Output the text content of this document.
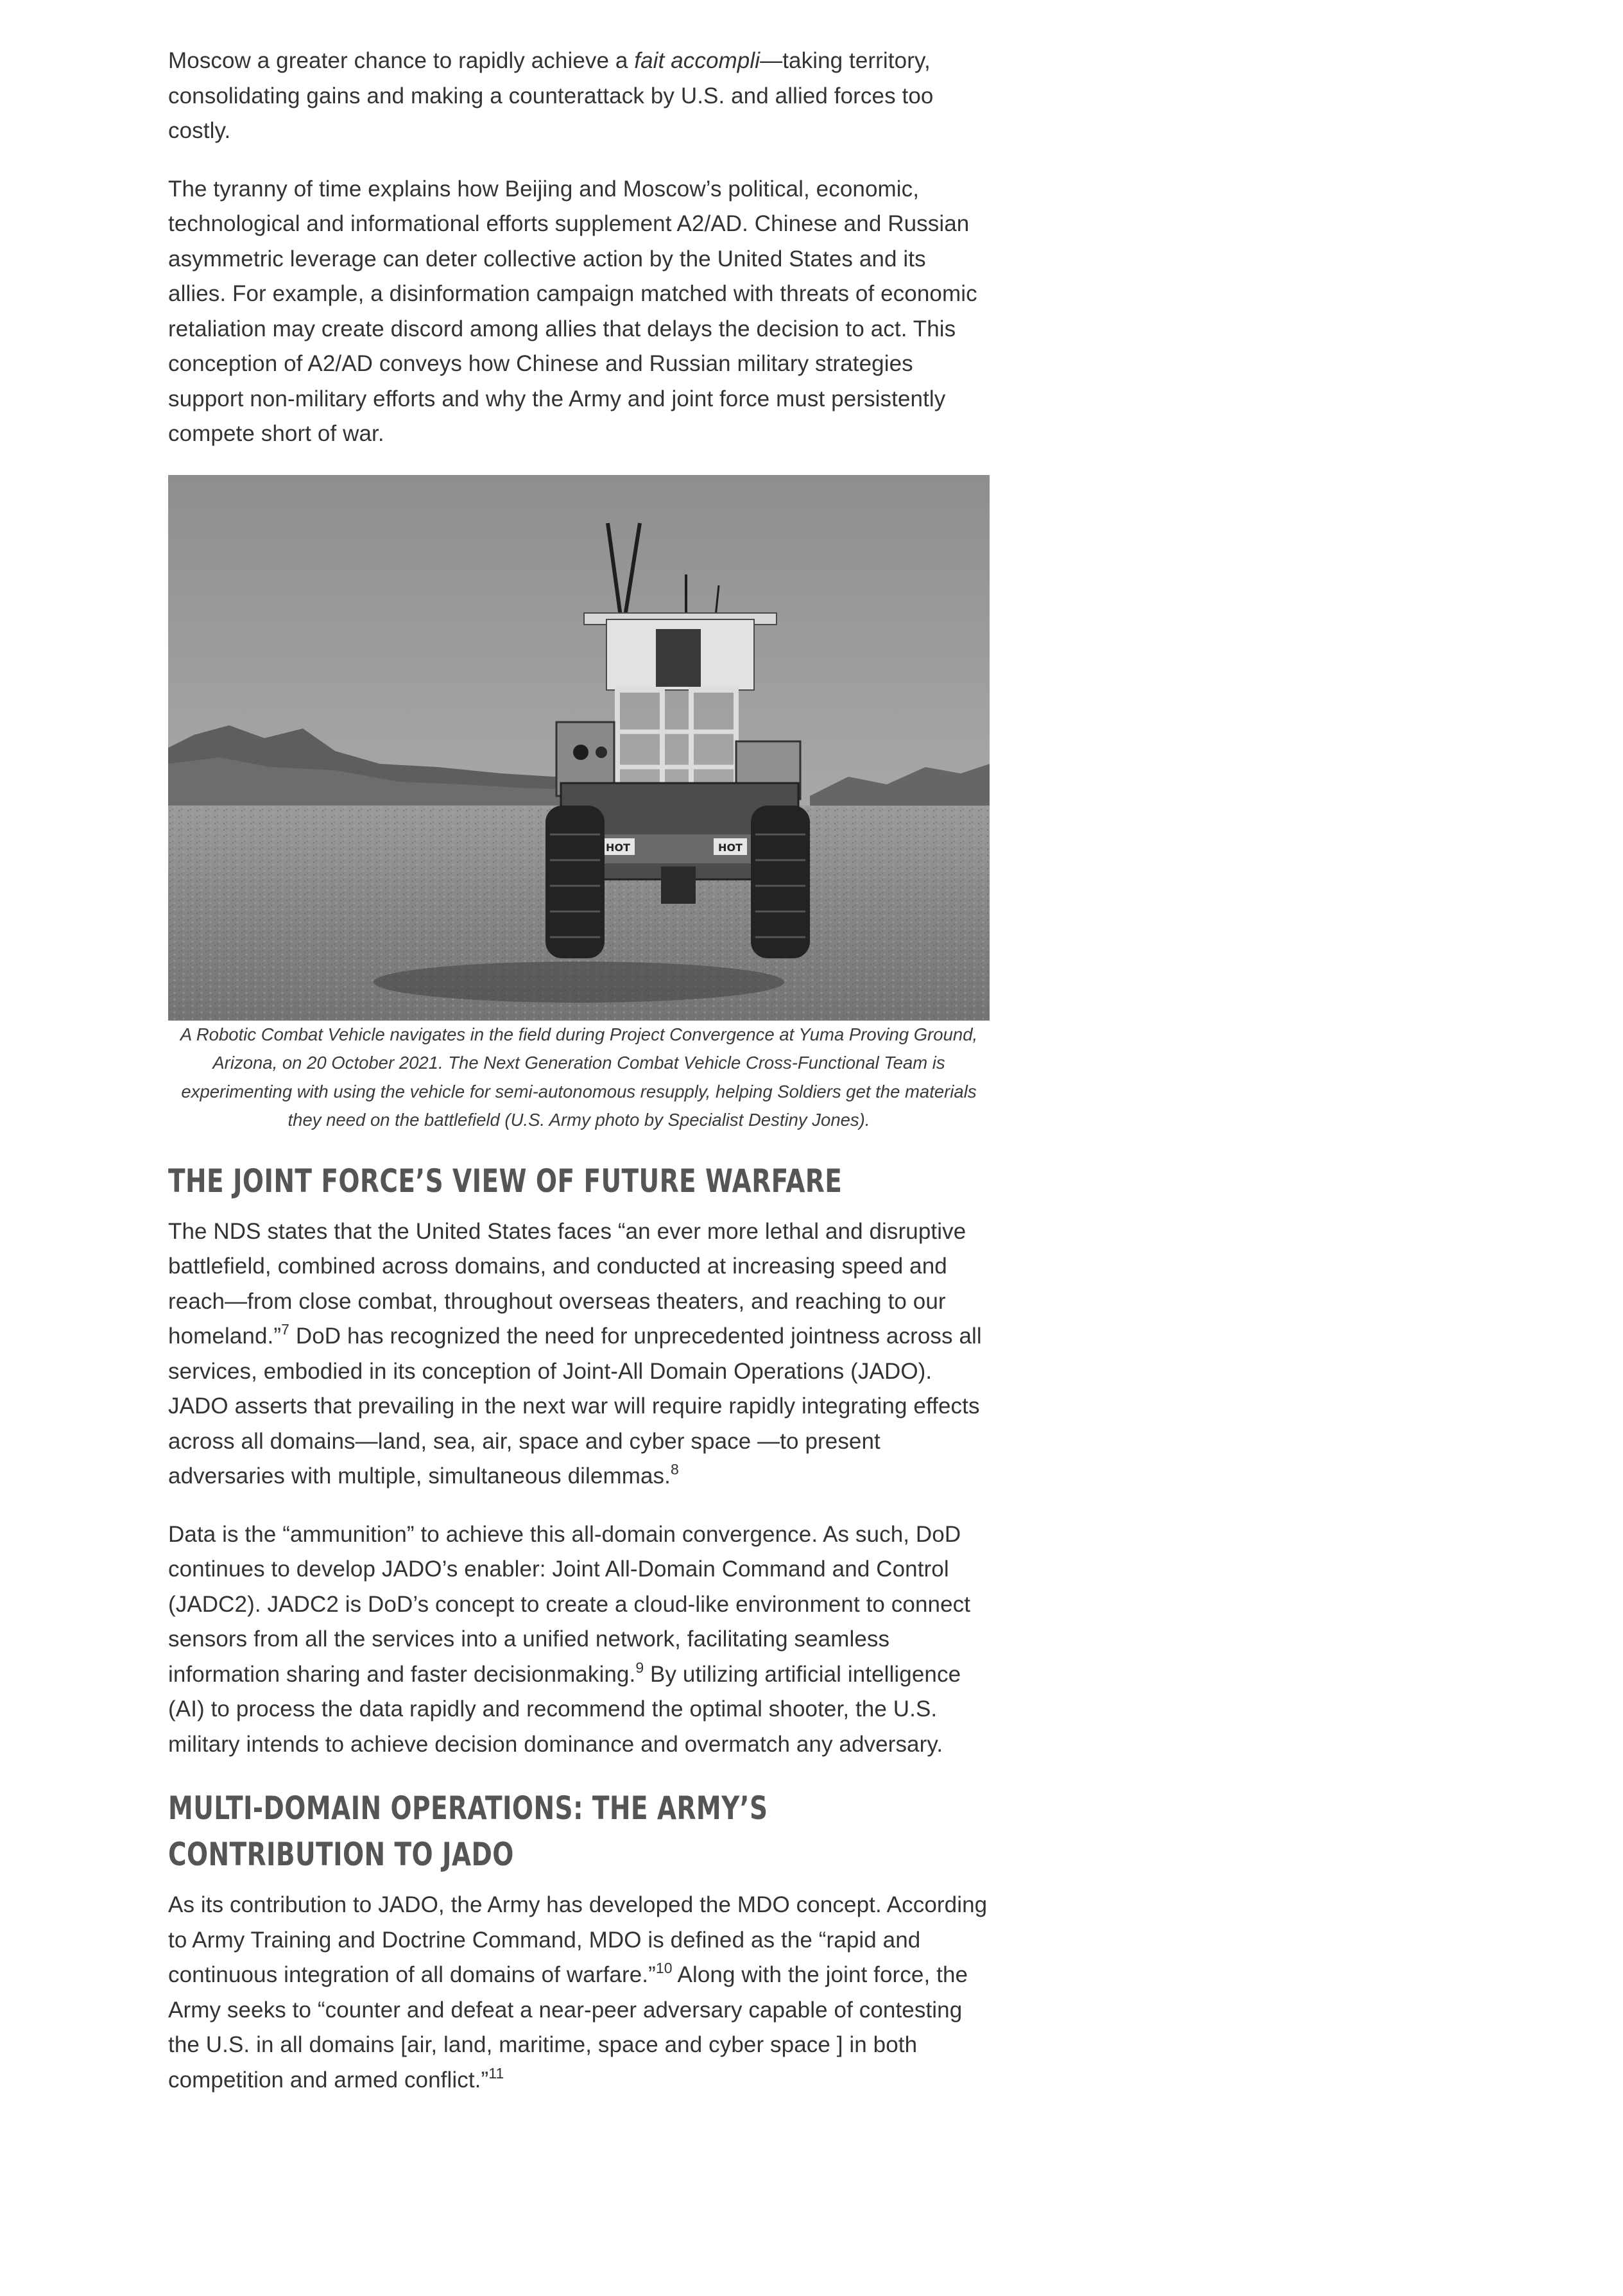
Moscow a greater chance to rapidly achieve a fait accompli—taking territory, consolidating gains and making a counterattack by U.S. and allied forces too costly.

The tyranny of time explains how Beijing and Moscow’s political, economic, technological and informational efforts supplement A2/AD. Chinese and Russian asymmetric leverage can deter collective action by the United States and its allies. For example, a disinformation campaign matched with threats of economic retaliation may create discord among allies that delays the decision to act. This conception of A2/AD conveys how Chinese and Russian military strategies support non-military efforts and why the Army and joint force must persistently compete short of war.

HOT	HOT
A Robotic Combat Vehicle navigates in the field during Project Convergence at Yuma Proving Ground, Arizona, on 20 October 2021. The Next Generation Combat Vehicle Cross-Functional Team is experimenting with using the vehicle for semi-autonomous resupply, helping Soldiers get the materials they need on the battlefield (U.S. Army photo by Specialist Destiny Jones).
THE JOINT FORCE’S VIEW OF FUTURE WARFARE

The NDS states that the United States faces “an ever more lethal and disruptive battlefield, combined across domains, and conducted at increasing speed and reach—from close combat, throughout overseas theaters, and reaching to our homeland.”$^7$ DoD has recognized the need for unprecedented jointness across all services, embodied in its conception of Joint-All Domain Operations (JADO). JADO asserts that prevailing in the next war will require rapidly integrating effects across all domains—land, sea, air, space and cyber space —to present adversaries with multiple, simultaneous dilemmas.$^8$

Data is the “ammunition” to achieve this all-domain convergence. As such, DoD continues to develop JADO’s enabler: Joint All-Domain Command and Control (JADC2). JADC2 is DoD’s concept to create a cloud-like environment to connect sensors from all the services into a unified network, facilitating seamless information sharing and faster decisionmaking.$^9$ By utilizing artificial intelligence (AI) to process the data rapidly and recommend the optimal shooter, the U.S. military intends to achieve decision dominance and overmatch any adversary.

MULTI-DOMAIN OPERATIONS: THE ARMY’S CONTRIBUTION TO JADO

As its contribution to JADO, the Army has developed the MDO concept. According to Army Training and Doctrine Command, MDO is defined as the “rapid and continuous integration of all domains of warfare.”$^{10}$ Along with the joint force, the Army seeks to “counter and defeat a near-peer adversary capable of contesting the U.S. in all domains [air, land, maritime, space and cyber space ] in both competition and armed conflict.”$^{11}$
